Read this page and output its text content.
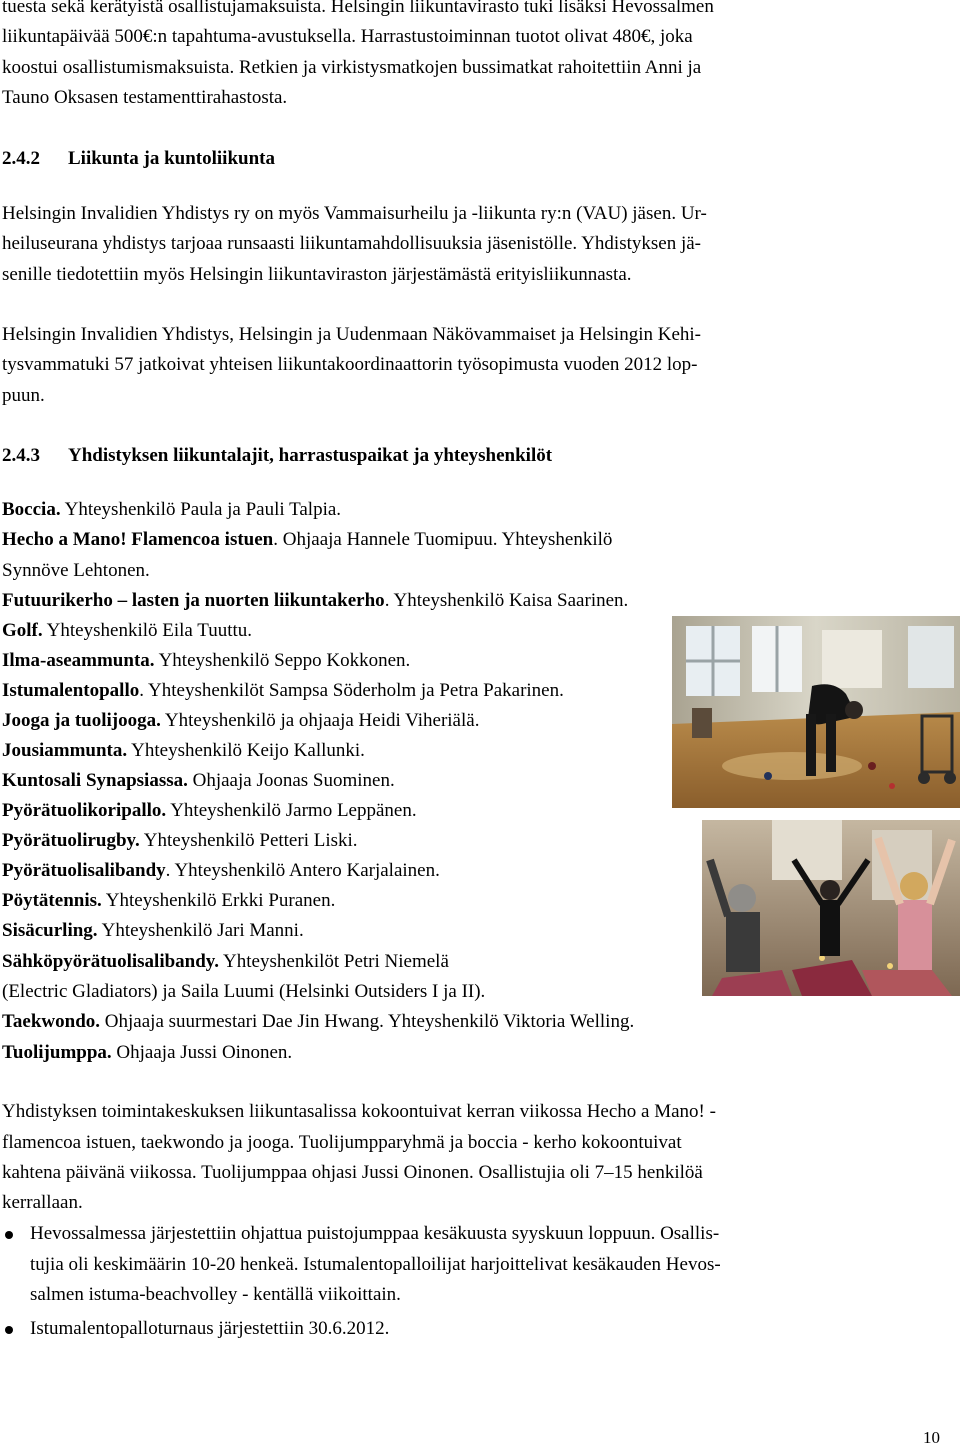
tuesta sekä kerätyistä osallistujamaksuista. Helsingin liikuntavirasto tuki lisäksi Hevossalmen
liikuntapäivää 500€:n tapahtuma-avustuksella. Harrastustoiminnan tuotot olivat 480€, joka
koostui osallistumismaksuista. Retkien ja virkistysmatkojen bussimatkat rahoitettiin Anni ja
Tauno Oksasen testamenttirahastosta.
2.4.2 Liikunta ja kuntoliikunta
Helsingin Invalidien Yhdistys ry on myös Vammaisurheilu ja -liikunta ry:n (VAU) jäsen. Ur-
heiluseurana yhdistys tarjoaa runsaasti liikuntamahdollisuuksia jäsenistölle. Yhdistyksen jä-
senille tiedotettiin myös Helsingin liikuntaviraston järjestämästä erityisliikunnasta.
Helsingin Invalidien Yhdistys, Helsingin ja Uudenmaan Näkövammaiset ja Helsingin Kehi-
tysvammatuki 57 jatkoivat yhteisen liikuntakoordinaattorin työsopimusta vuoden 2012 lop-
puun.
2.4.3 Yhdistyksen liikuntalajit, harrastuspaikat ja yhteyshenkilöt
Boccia. Yhteyshenkilö Paula ja Pauli Talpia.
Hecho a Mano! Flamencoa istuen. Ohjaaja Hannele Tuomipuu. Yhteyshenkilö
Synnöve Lehtonen.
Futuurikerho – lasten ja nuorten liikuntakerho. Yhteyshenkilö Kaisa Saarinen.
Golf. Yhteyshenkilö Eila Tuuttu.
Ilma-aseammunta. Yhteyshenkilö Seppo Kokkonen.
Istumalentopallo. Yhteyshenkilöt Sampsa Söderholm ja Petra Pakarinen.
Jooga ja tuolijooga. Yhteyshenkilö ja ohjaaja Heidi Viheriälä.
Jousiammunta. Yhteyshenkilö Keijo Kallunki.
Kuntosali Synapsiassa. Ohjaaja Joonas Suominen.
Pyörätuolikoripallo. Yhteyshenkilö Jarmo Leppänen.
Pyörätuolirugby. Yhteyshenkilö Petteri Liski.
Pyörätuolisalibandy. Yhteyshenkilö Antero Karjalainen.
Pöytätennis. Yhteyshenkilö Erkki Puranen.
Sisäcurling. Yhteyshenkilö Jari Manni.
Sähköpyörätuolisalibandy. Yhteyshenkilöt Petri Niemelä
(Electric Gladiators) ja Saila Luumi (Helsinki Outsiders I ja II).
Taekwondo. Ohjaaja suurmestari Dae Jin Hwang. Yhteyshenkilö Viktoria Welling.
Tuolijumppa. Ohjaaja Jussi Oinonen.
Yhdistyksen toimintakeskuksen liikuntasalissa kokoontuivat kerran viikossa Hecho a Mano! -
flamencoa istuen, taekwondo ja jooga. Tuolijumpparyhmä ja boccia - kerho kokoontuivat
kahtena päivänä viikossa. Tuolijumppaa ohjasi Jussi Oinonen. Osallistujia oli 7–15 henkilöä
kerrallaan.
Hevossalmessa järjestettiin ohjattua puistojumppaa kesäkuusta syyskuun loppuun. Osallis-
tujia oli keskimäärin 10-20 henkeä. Istumalentopalloilijat harjoittelivat kesäkauden Hevos-
salmen istuma-beachvolley - kentällä viikoittain.
Istumalentopalloturnaus järjestettiin 30.6.2012.
10
